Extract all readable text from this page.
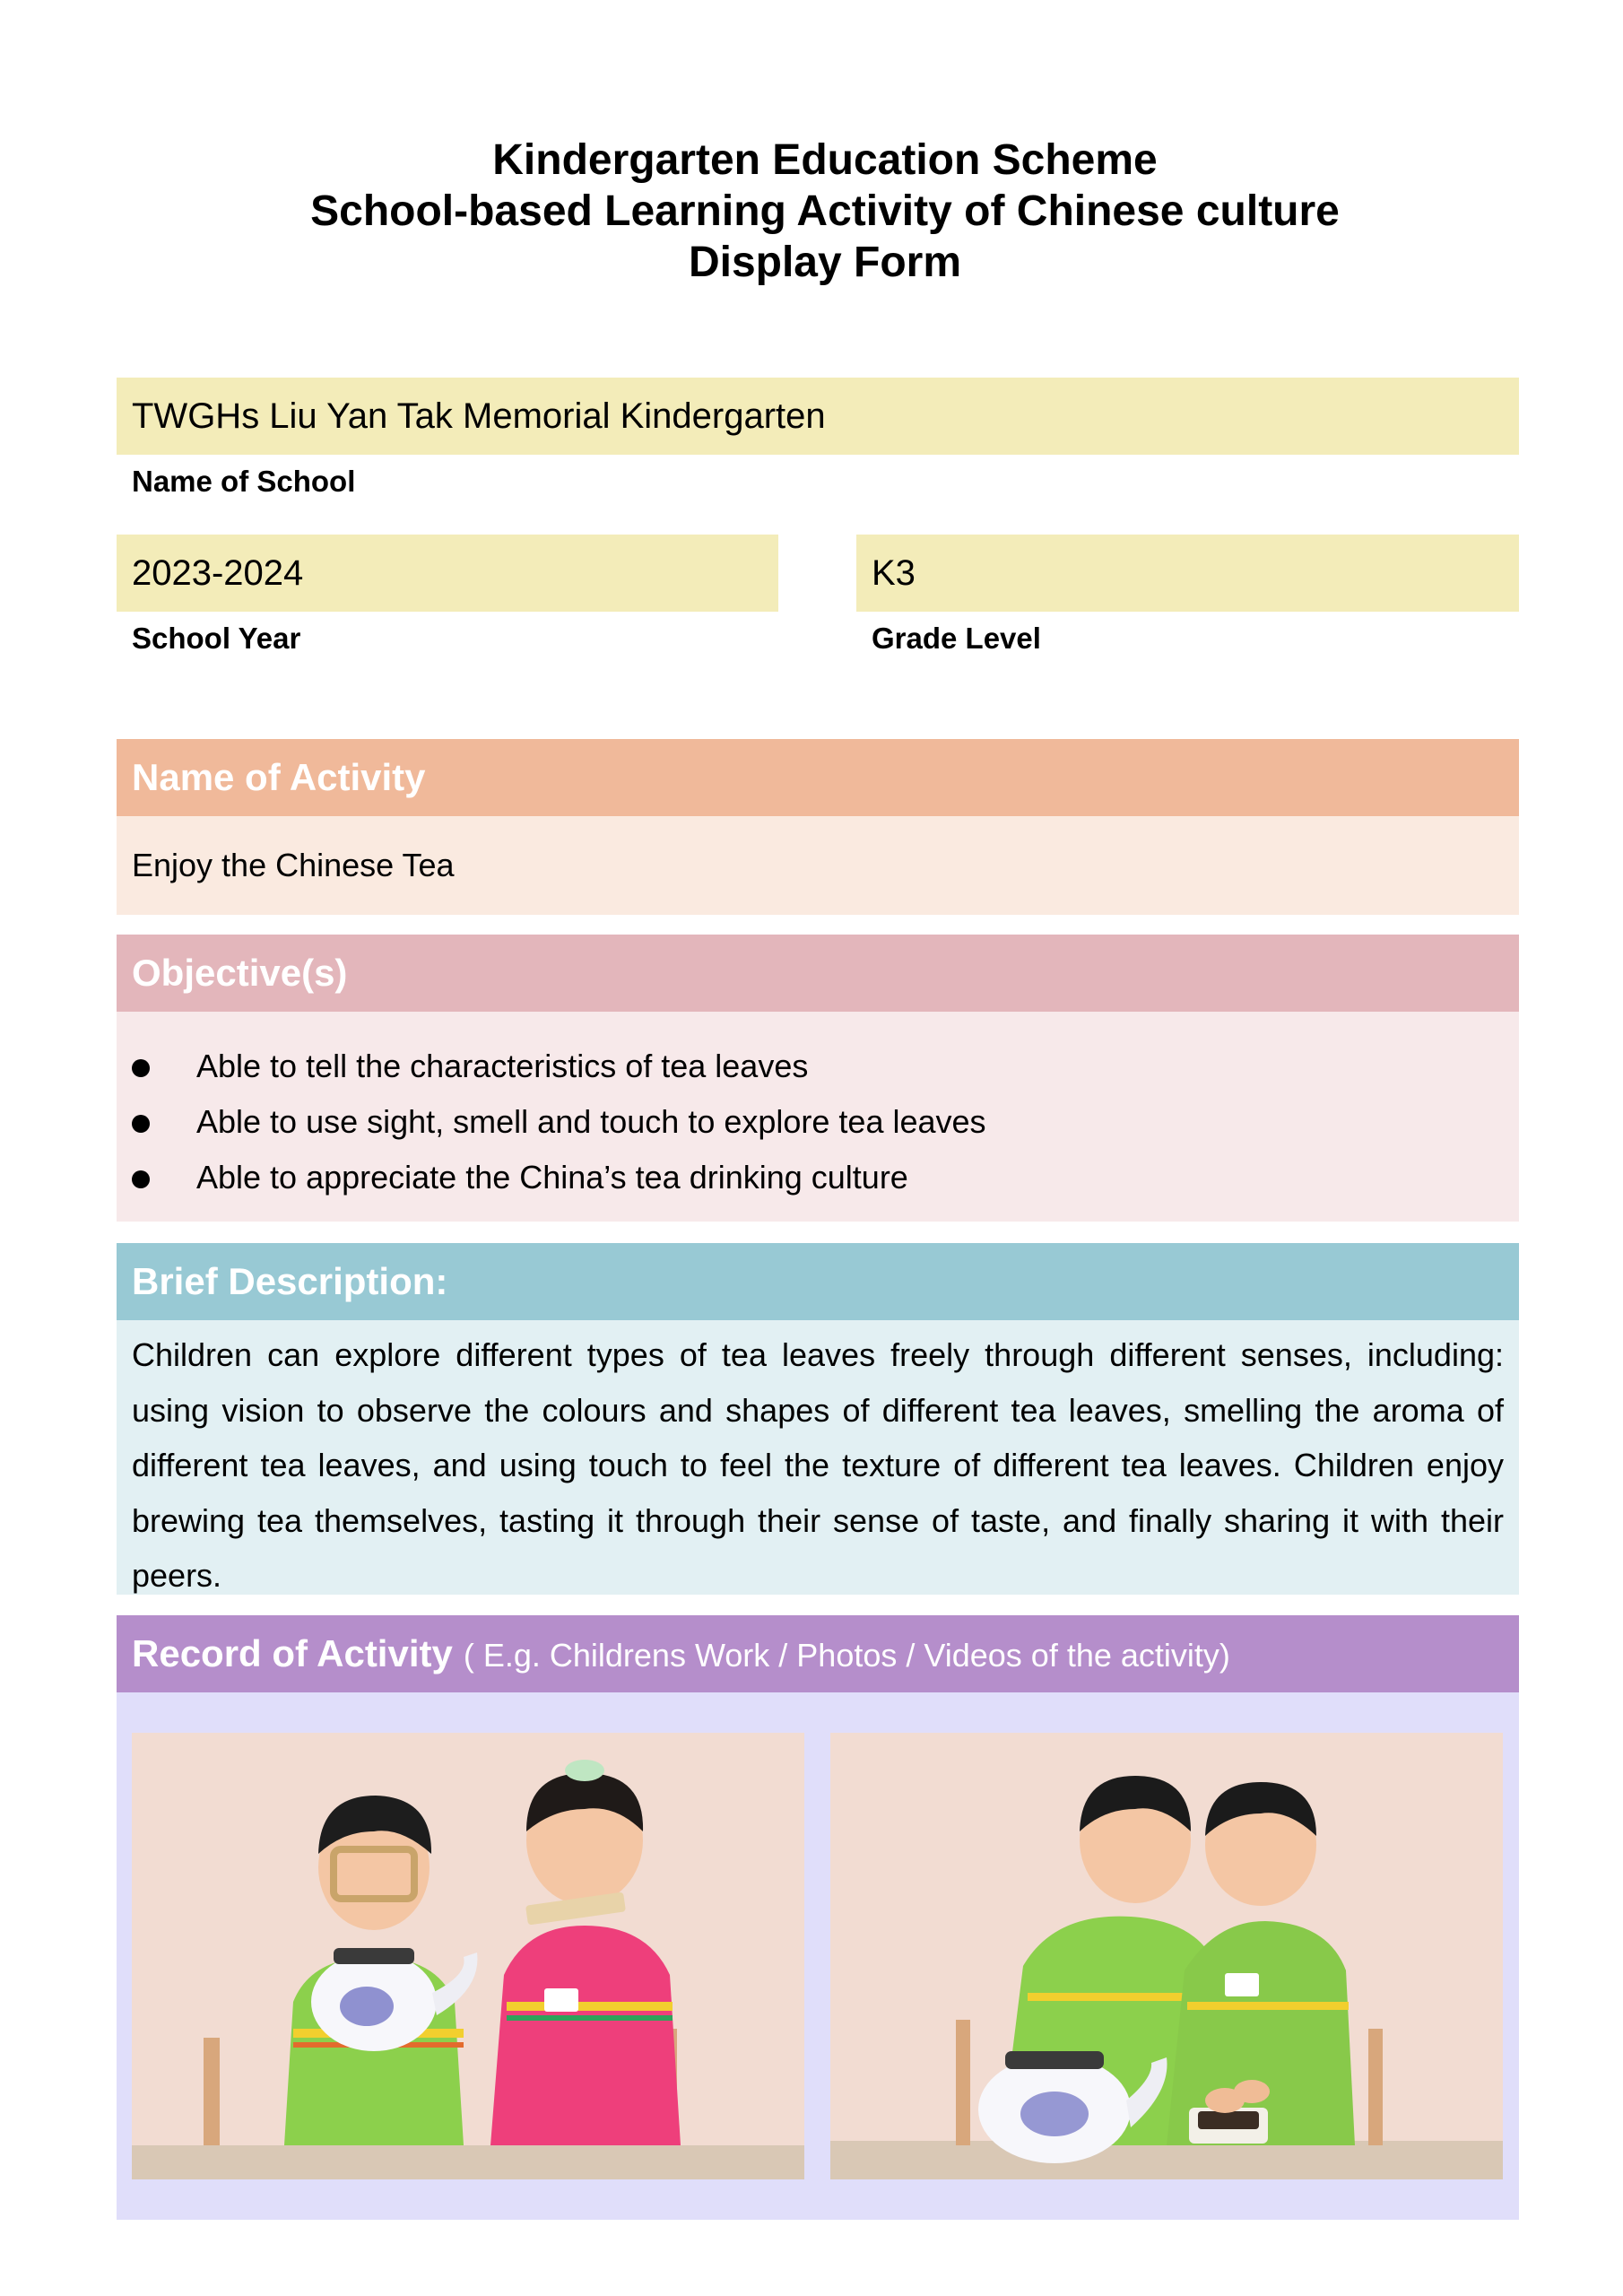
Kindergarten Education Scheme
School-based Learning Activity of Chinese culture
Display Form
TWGHs Liu Yan Tak Memorial Kindergarten
Name of School
2023-2024
School Year
K3
Grade Level
Name of Activity
Enjoy the Chinese Tea
Objective(s)
Able to tell the characteristics of tea leaves
Able to use sight, smell and touch to explore tea leaves
Able to appreciate the China’s tea drinking culture
Brief Description:

Children can explore different types of tea leaves freely through different senses, including: using vision to observe the colours and shapes of different tea leaves, smelling the aroma of different tea leaves, and using touch to feel the texture of different tea leaves. Children enjoy brewing tea themselves, tasting it through their sense of taste, and finally sharing it with their peers.

Record of Activity ( E.g. Childrens Work / Photos / Videos of the activity)
